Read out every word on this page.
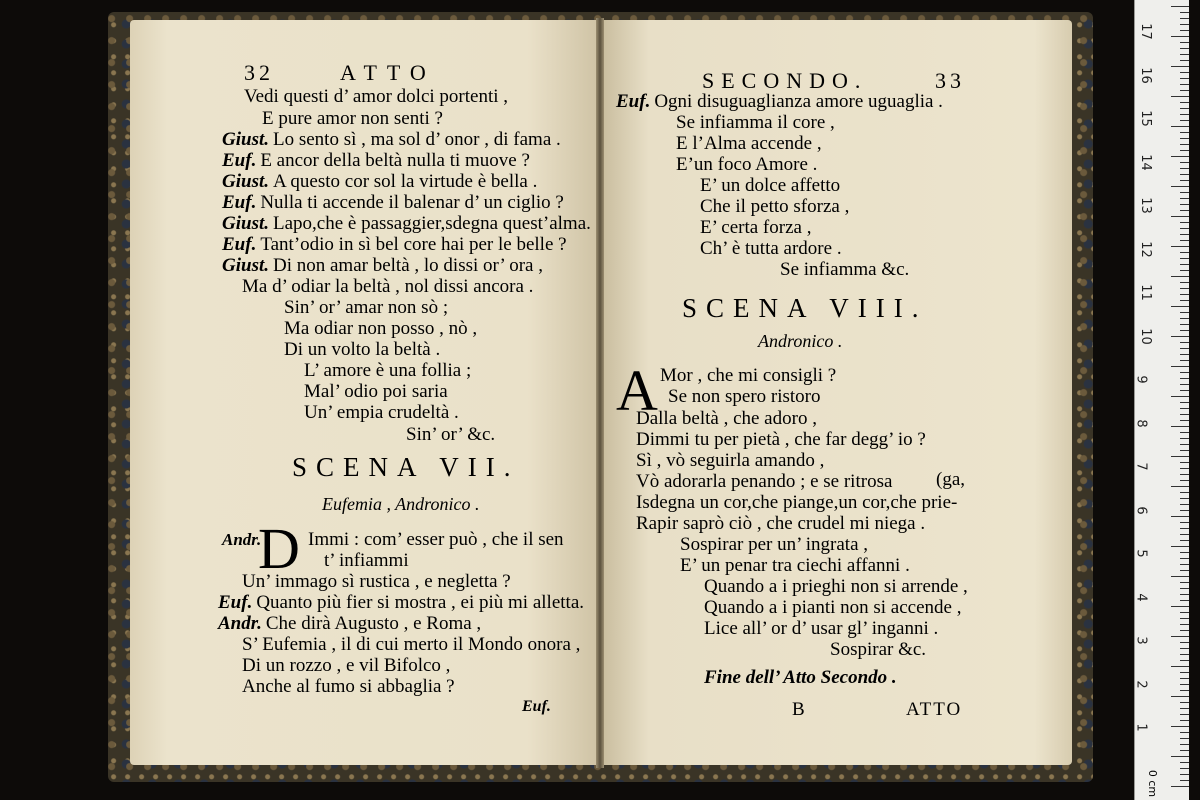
32	ATTO
SCENA VII.
Eufemia , Andronico .
Andr.
D Immi : com’ esser può , che il sen
t’ infiammi
Euf.
SECONDO.	33
SCENA VIII.
Andronico .
A Mor , che mi consigli ?
Se non spero ristoro
(ga,
Fine dell’ Atto Secondo .
B	ATTO
0 cm
17
16
15
14
13
12
11
10
9
8
7
6
5
4
3
2
1
Vedi questi d’ amor dolci portenti ,
E pure amor non senti ?
Giust. Lo sento sì , ma sol d’ onor , di fama .
Euf. E ancor della beltà nulla ti muove ?
Giust. A questo cor sol la virtude è bella .
Euf. Nulla ti accende il balenar d’ un ciglio ?
Giust. Lapo,che è passaggier,sdegna quest’alma.
Euf. Tant’odio in sì bel core hai per le belle ?
Giust. Di non amar beltà , lo dissi or’ ora ,
Ma d’ odiar la beltà , nol dissi ancora .
Sin’ or’ amar non sò ;
Ma odiar non posso , nò ,
Di un volto la beltà .
L’ amore è una follia ;
Mal’ odio poi saria
Un’ empia crudeltà .
Sin’ or’ &c.
Un’ immago sì rustica , e negletta ?
Euf. Quanto più fier si mostra , ei più mi alletta.
Andr. Che dirà Augusto , e Roma ,
S’ Eufemia , il di cui merto il Mondo onora ,
Di un rozzo , e vil Bifolco ,
Anche al fumo si abbaglia ?
Euf. Ogni disuguaglianza amore uguaglia .
Se infiamma il core ,
E l’Alma accende ,
E’un foco Amore .
E’ un dolce affetto
Che il petto sforza ,
E’ certa forza ,
Ch’ è tutta ardore .
Se infiamma &c.
Dalla beltà , che adoro ,
Dimmi tu per pietà , che far degg’ io ?
Sì , vò seguirla amando ,
Vò adorarla penando ; e se ritrosa
Isdegna un cor,che piange,un cor,che prie-
Rapir saprò ciò , che crudel mi niega .
Sospirar per un’ ingrata ,
E’ un penar tra ciechi affanni .
Quando a i prieghi non si arrende ,
Quando a i pianti non si accende ,
Lice all’ or d’ usar gl’ inganni .
Sospirar &c.
